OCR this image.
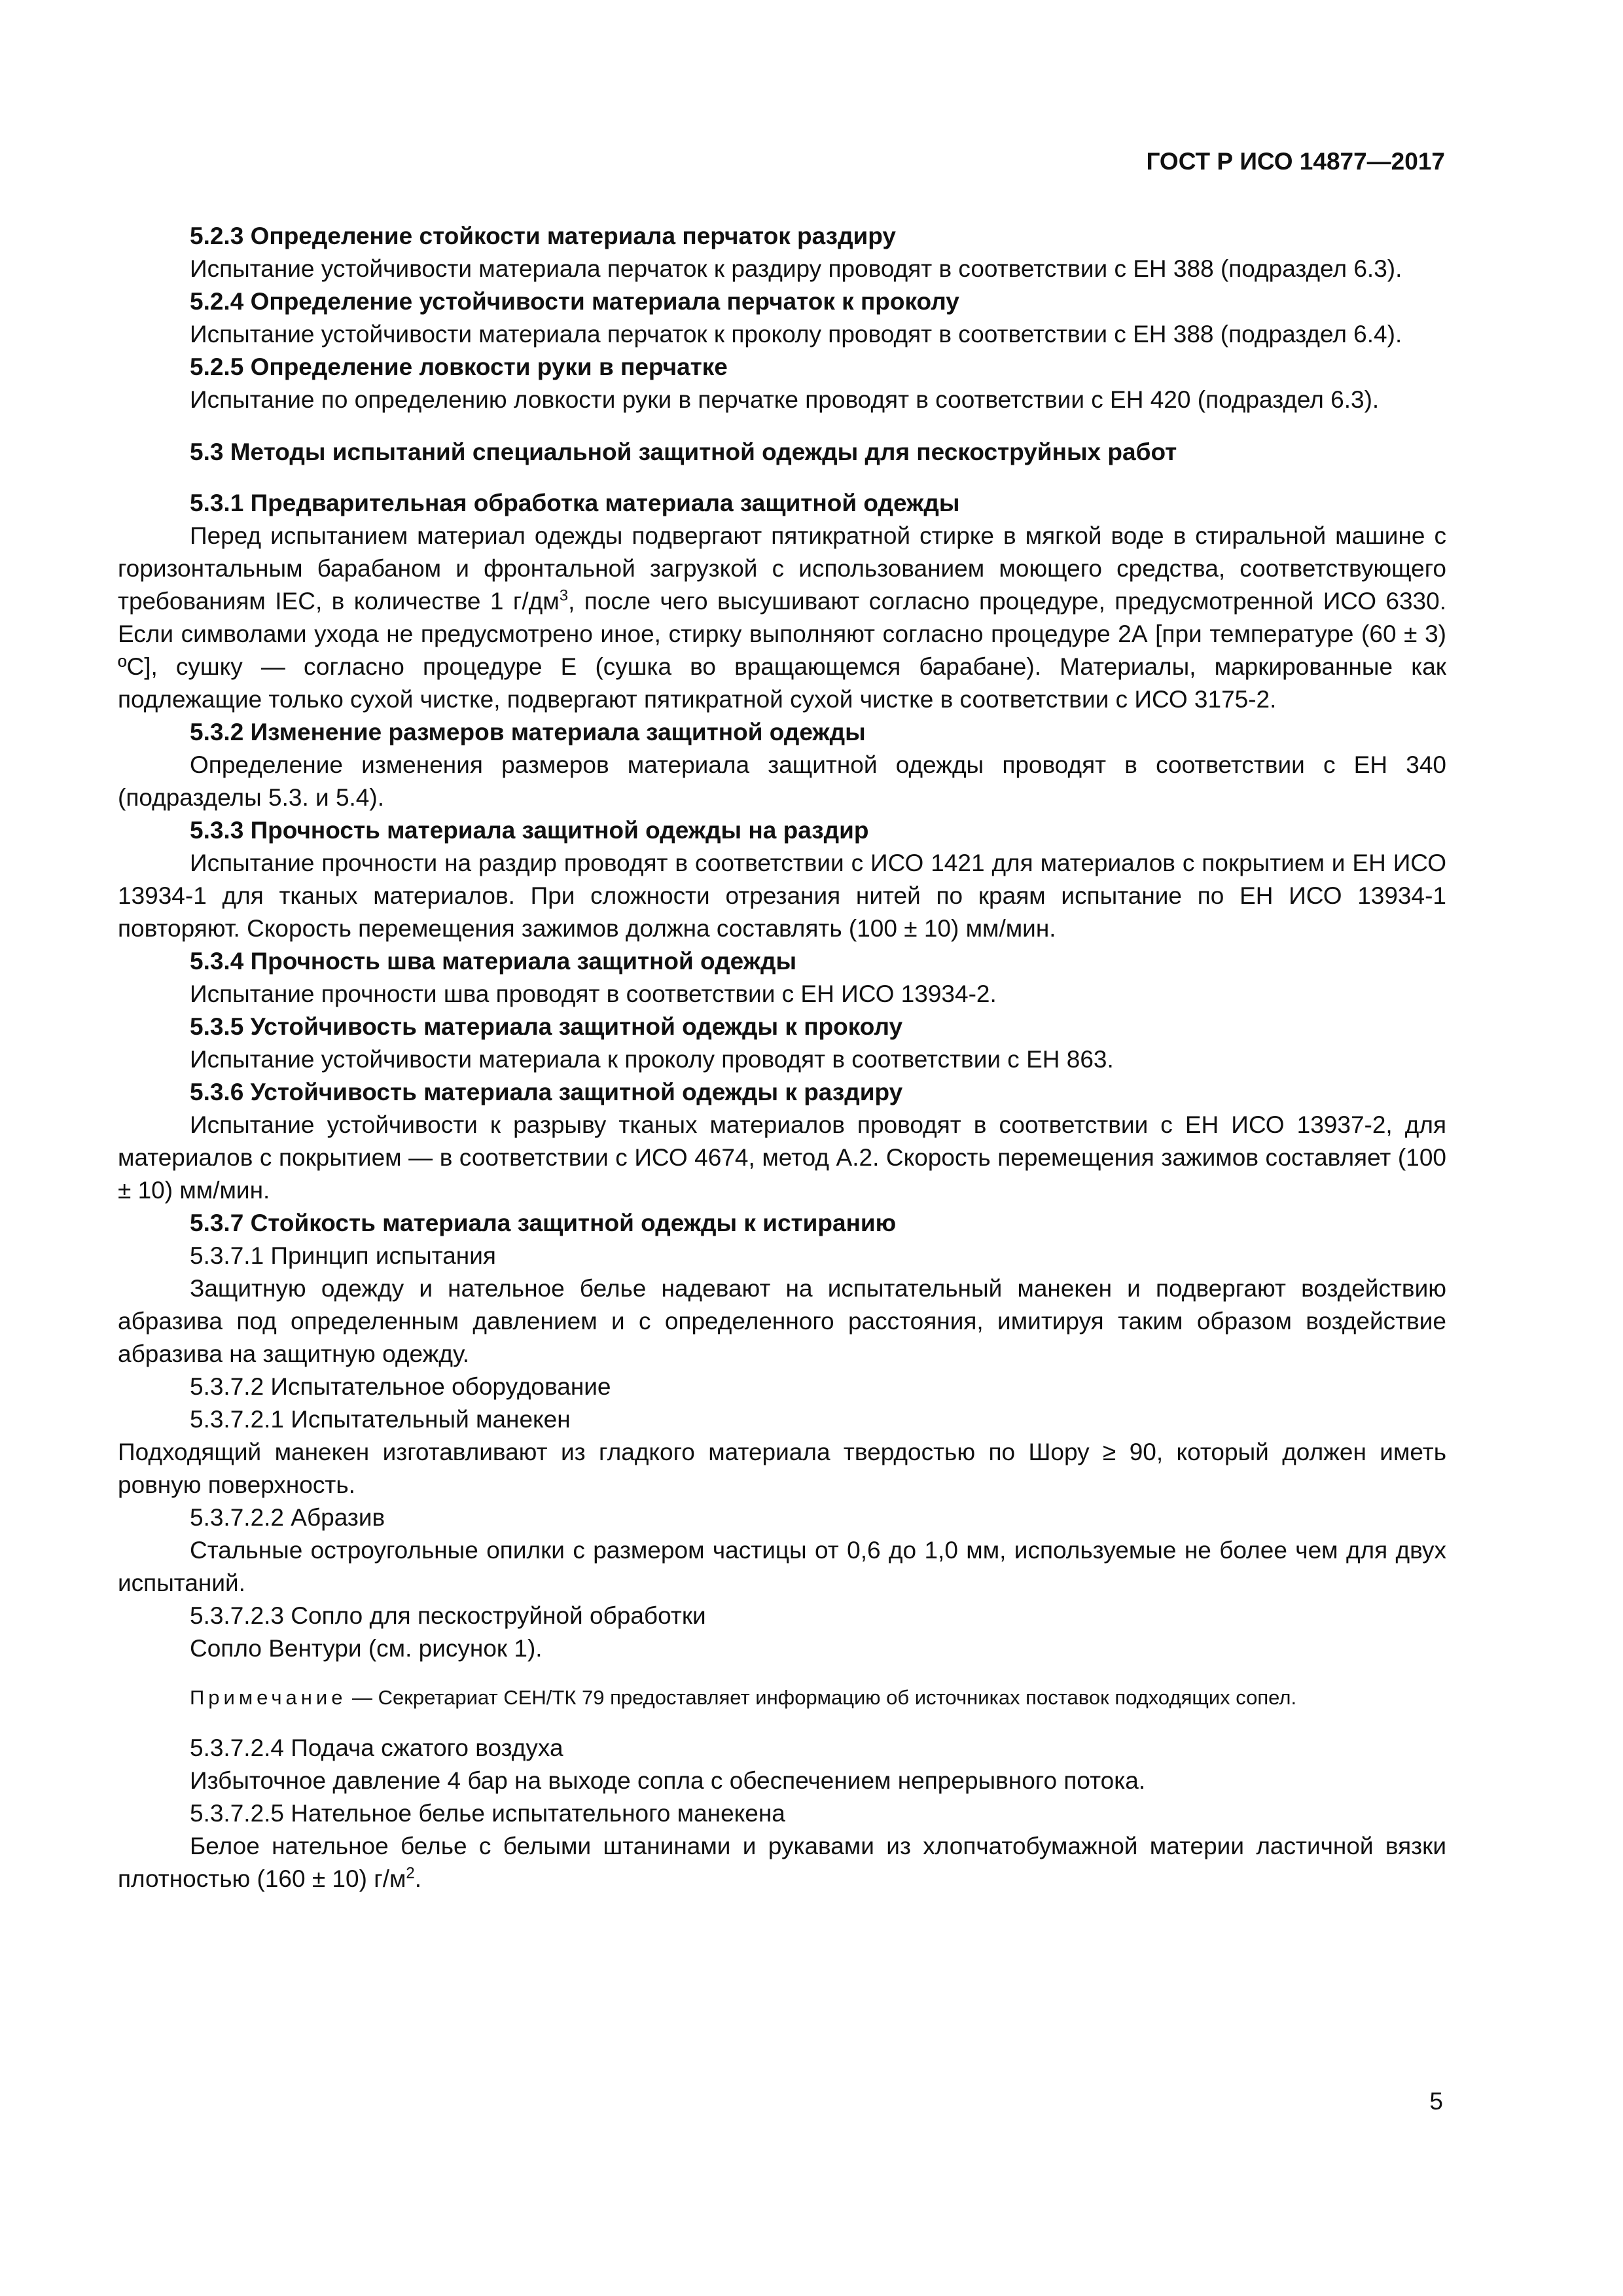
ГОСТ Р ИСО 14877—2017

5.2.3 Определение стойкости материала перчаток раздиру

Испытание устойчивости материала перчаток к раздиру проводят в соответствии с ЕН 388 (подраздел 6.3).

5.2.4 Определение устойчивости материала перчаток к проколу

Испытание устойчивости материала перчаток к проколу проводят в соответствии с ЕН 388 (подраздел 6.4).

5.2.5 Определение ловкости руки в перчатке

Испытание по определению ловкости руки в перчатке проводят в соответствии с ЕН 420 (подраздел 6.3).

5.3 Методы испытаний специальной защитной одежды для пескоструйных работ

5.3.1 Предварительная обработка материала защитной одежды

Перед испытанием материал одежды подвергают пятикратной стирке в мягкой воде в стиральной машине с горизонтальным барабаном и фронтальной загрузкой с использованием моющего средства, соответствующего требованиям IEC, в количестве 1 $г/дм^3$, после чего высушивают согласно процедуре, предусмотренной ИСО 6330. Если символами ухода не предусмотрено иное, стирку выполняют согласно процедуре 2А [при температуре (60 ± 3) ºС], сушку — согласно процедуре Е (сушка во вращающемся барабане). Материалы, маркированные как подлежащие только сухой чистке, подвергают пятикратной сухой чистке в соответствии с ИСО 3175-2.

5.3.2 Изменение размеров материала защитной одежды

Определение изменения размеров материала защитной одежды проводят в соответствии с ЕН 340 (подразделы 5.3. и 5.4).

5.3.3 Прочность материала защитной одежды на раздир

Испытание прочности на раздир проводят в соответствии с ИСО 1421 для материалов с покрытием и ЕН ИСО 13934-1 для тканых материалов. При сложности отрезания нитей по краям испытание по ЕН ИСО 13934-1 повторяют. Скорость перемещения зажимов должна составлять (100 ± 10) мм/мин.

5.3.4 Прочность шва материала защитной одежды

Испытание прочности шва проводят в соответствии с ЕН ИСО 13934-2.

5.3.5 Устойчивость материала защитной одежды к проколу

Испытание устойчивости материала к проколу проводят в соответствии с ЕН 863.

5.3.6 Устойчивость материала защитной одежды к раздиру

Испытание устойчивости к разрыву тканых материалов проводят в соответствии с ЕН ИСО 13937-2, для материалов с покрытием — в соответствии с ИСО 4674, метод А.2. Скорость перемещения зажимов составляет (100 ± 10) мм/мин.

5.3.7 Стойкость материала защитной одежды к истиранию

5.3.7.1 Принцип испытания

Защитную одежду и нательное белье надевают на испытательный манекен и подвергают воздействию абразива под определенным давлением и с определенного расстояния, имитируя таким образом воздействие абразива на защитную одежду.

5.3.7.2 Испытательное оборудование

5.3.7.2.1 Испытательный манекен

Подходящий манекен изготавливают из гладкого материала твердостью по Шору ≥ 90, который должен иметь ровную поверхность.

5.3.7.2.2 Абразив

Стальные остроугольные опилки с размером частицы от 0,6 до 1,0 мм, используемые не более чем для двух испытаний.

5.3.7.2.3 Сопло для пескоструйной обработки

Сопло Вентури (см. рисунок 1).

Примечание — Секретариат СЕН/ТК 79 предоставляет информацию об источниках поставок подходящих сопел.

5.3.7.2.4 Подача сжатого воздуха

Избыточное давление 4 бар на выходе сопла с обеспечением непрерывного потока.

5.3.7.2.5 Нательное белье испытательного манекена

Белое нательное белье с белыми штанинами и рукавами из хлопчатобумажной материи ластичной вязки плотностью (160 ± 10) $г/м^2$.

5
